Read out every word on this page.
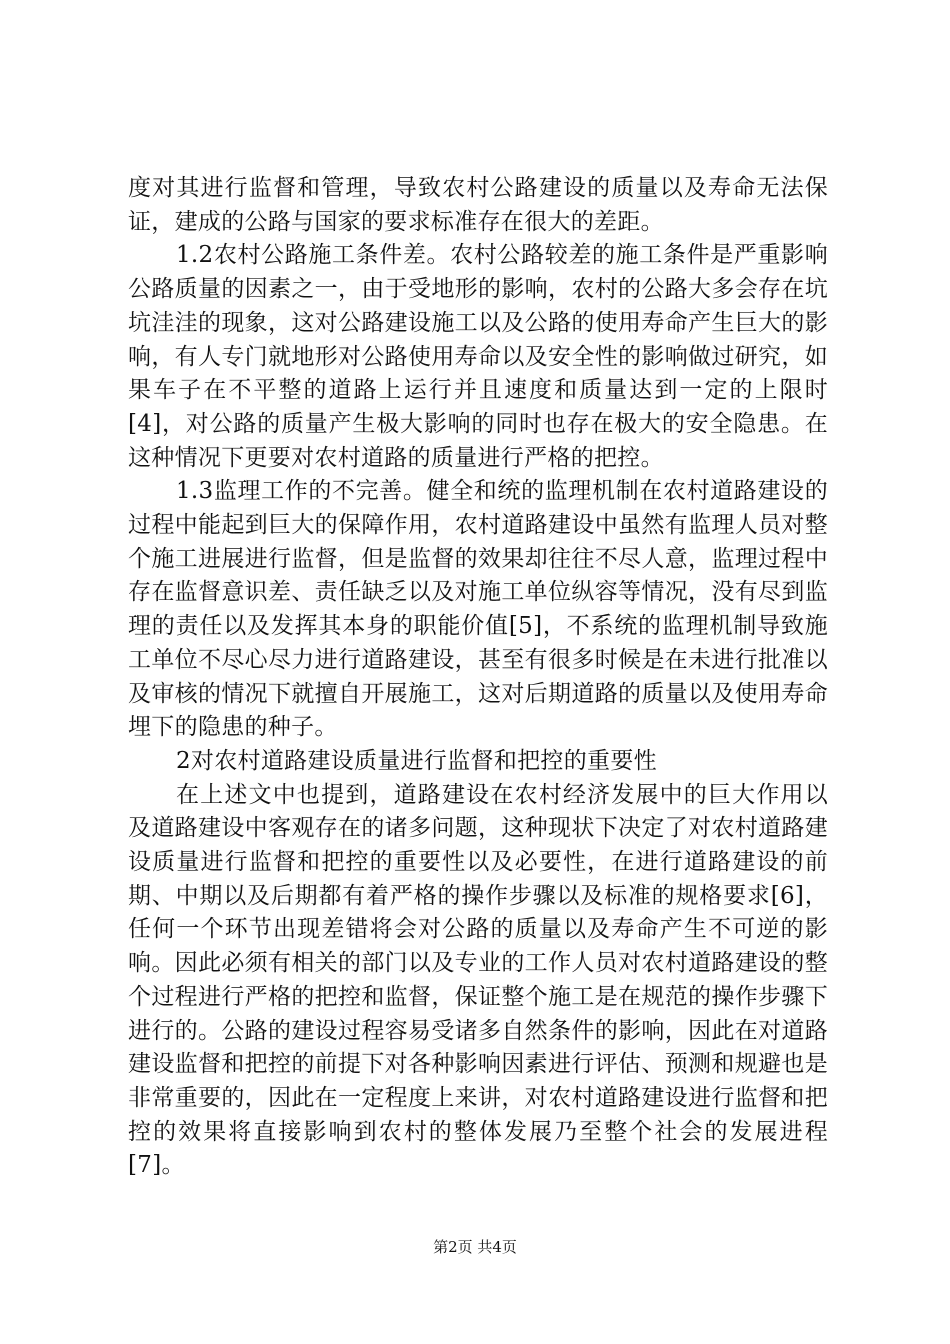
度对其进行监督和管理，导致农村公路建设的质量以及寿命无法保证，建成的公路与国家的要求标准存在很大的差距。

1.2农村公路施工条件差。农村公路较差的施工条件是严重影响公路质量的因素之一，由于受地形的影响，农村的公路大多会存在坑坑洼洼的现象，这对公路建设施工以及公路的使用寿命产生巨大的影响，有人专门就地形对公路使用寿命以及安全性的影响做过研究，如果车子在不平整的道路上运行并且速度和质量达到一定的上限时[4]，对公路的质量产生极大影响的同时也存在极大的安全隐患。在这种情况下更要对农村道路的质量进行严格的把控。

1.3监理工作的不完善。健全和统的监理机制在农村道路建设的过程中能起到巨大的保障作用，农村道路建设中虽然有监理人员对整个施工进展进行监督，但是监督的效果却往往不尽人意，监理过程中存在监督意识差、责任缺乏以及对施工单位纵容等情况，没有尽到监理的责任以及发挥其本身的职能价值[5]，不系统的监理机制导致施工单位不尽心尽力进行道路建设，甚至有很多时候是在未进行批准以及审核的情况下就擅自开展施工，这对后期道路的质量以及使用寿命埋下的隐患的种子。

2对农村道路建设质量进行监督和把控的重要性

在上述文中也提到，道路建设在农村经济发展中的巨大作用以及道路建设中客观存在的诸多问题，这种现状下决定了对农村道路建设质量进行监督和把控的重要性以及必要性，在进行道路建设的前期、中期以及后期都有着严格的操作步骤以及标准的规格要求[6]，任何一个环节出现差错将会对公路的质量以及寿命产生不可逆的影响。因此必须有相关的部门以及专业的工作人员对农村道路建设的整个过程进行严格的把控和监督，保证整个施工是在规范的操作步骤下进行的。公路的建设过程容易受诸多自然条件的影响，因此在对道路建设监督和把控的前提下对各种影响因素进行评估、预测和规避也是非常重要的，因此在一定程度上来讲，对农村道路建设进行监督和把控的效果将直接影响到农村的整体发展乃至整个社会的发展进程[7]。

第2页 共4页
